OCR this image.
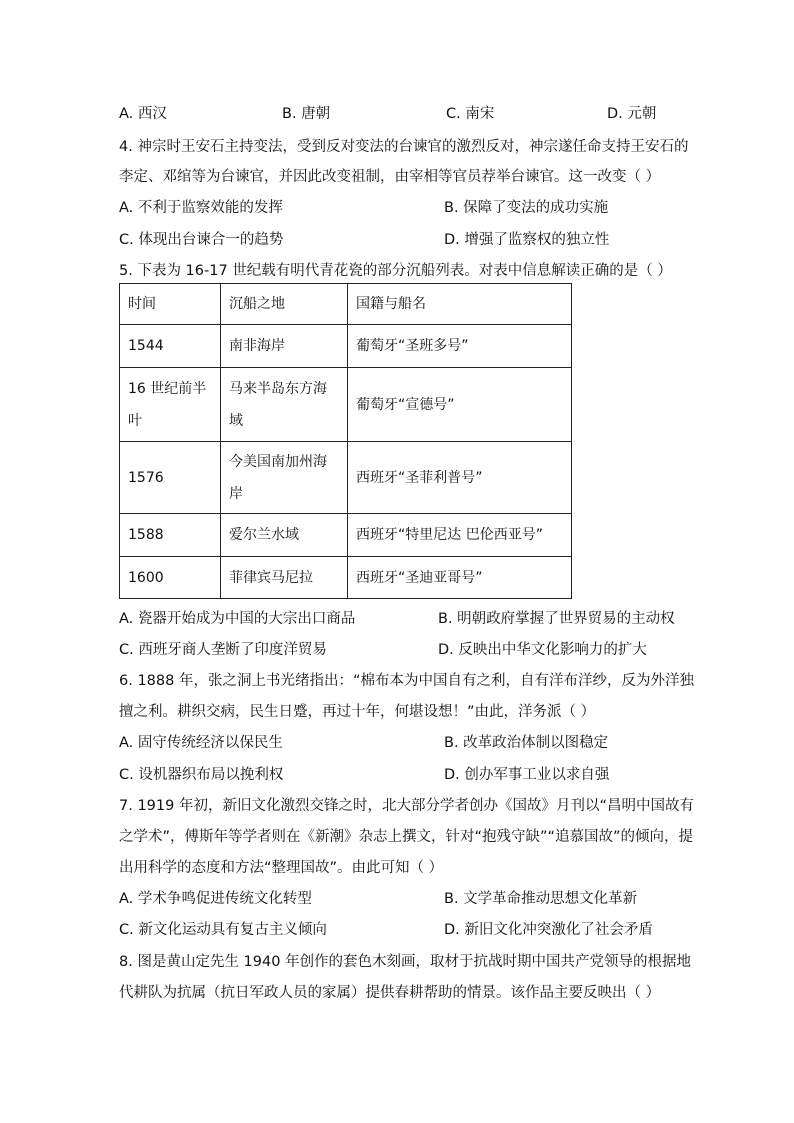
A. 西汉	B. 唐朝	C. 南宋	D. 元朝
4. 神宗时王安石主持变法，受到反对变法的台谏官的激烈反对，神宗遂任命支持王安石的
李定、邓绾等为台谏官，并因此改变祖制，由宰相等官员荐举台谏官。这一改变（ ）
A. 不利于监察效能的发挥	B. 保障了变法的成功实施
C. 体现出台谏合一的趋势	D. 增强了监察权的独立性
5. 下表为 16-17 世纪载有明代青花瓷的部分沉船列表。对表中信息解读正确的是（ ）
时间	沉船之地	国籍与船名
1544	南非海岸	葡萄牙“圣班多号”
16 世纪前半叶	马来半岛东方海域	葡萄牙“宣德号”
1576	今美国南加州海岸	西班牙“圣菲利普号”
1588	爱尔兰水域	西班牙“特里尼达 巴伦西亚号”
1600	菲律宾马尼拉	西班牙“圣迪亚哥号”
A. 瓷器开始成为中国的大宗出口商品	B. 明朝政府掌握了世界贸易的主动权
C. 西班牙商人垄断了印度洋贸易	D. 反映出中华文化影响力的扩大
6. 1888 年，张之洞上书光绪指出：“棉布本为中国自有之利，自有洋布洋纱，反为外洋独
擅之利。耕织交病，民生日蹙，再过十年，何堪设想！”由此，洋务派（ ）
A. 固守传统经济以保民生	B. 改革政治体制以图稳定
C. 设机器织布局以挽利权	D. 创办军事工业以求自强
7. 1919 年初，新旧文化激烈交锋之时，北大部分学者创办《国故》月刊以“昌明中国故有
之学术”，傅斯年等学者则在《新潮》杂志上撰文，针对“抱残守缺”“追慕国故”的倾向，提
出用科学的态度和方法“整理国故”。由此可知（ ）
A. 学术争鸣促进传统文化转型	B. 文学革命推动思想文化革新
C. 新文化运动具有复古主义倾向	D. 新旧文化冲突激化了社会矛盾
8. 图是黄山定先生 1940 年创作的套色木刻画，取材于抗战时期中国共产党领导的根据地
代耕队为抗属（抗日军政人员的家属）提供春耕帮助的情景。该作品主要反映出（ ）
